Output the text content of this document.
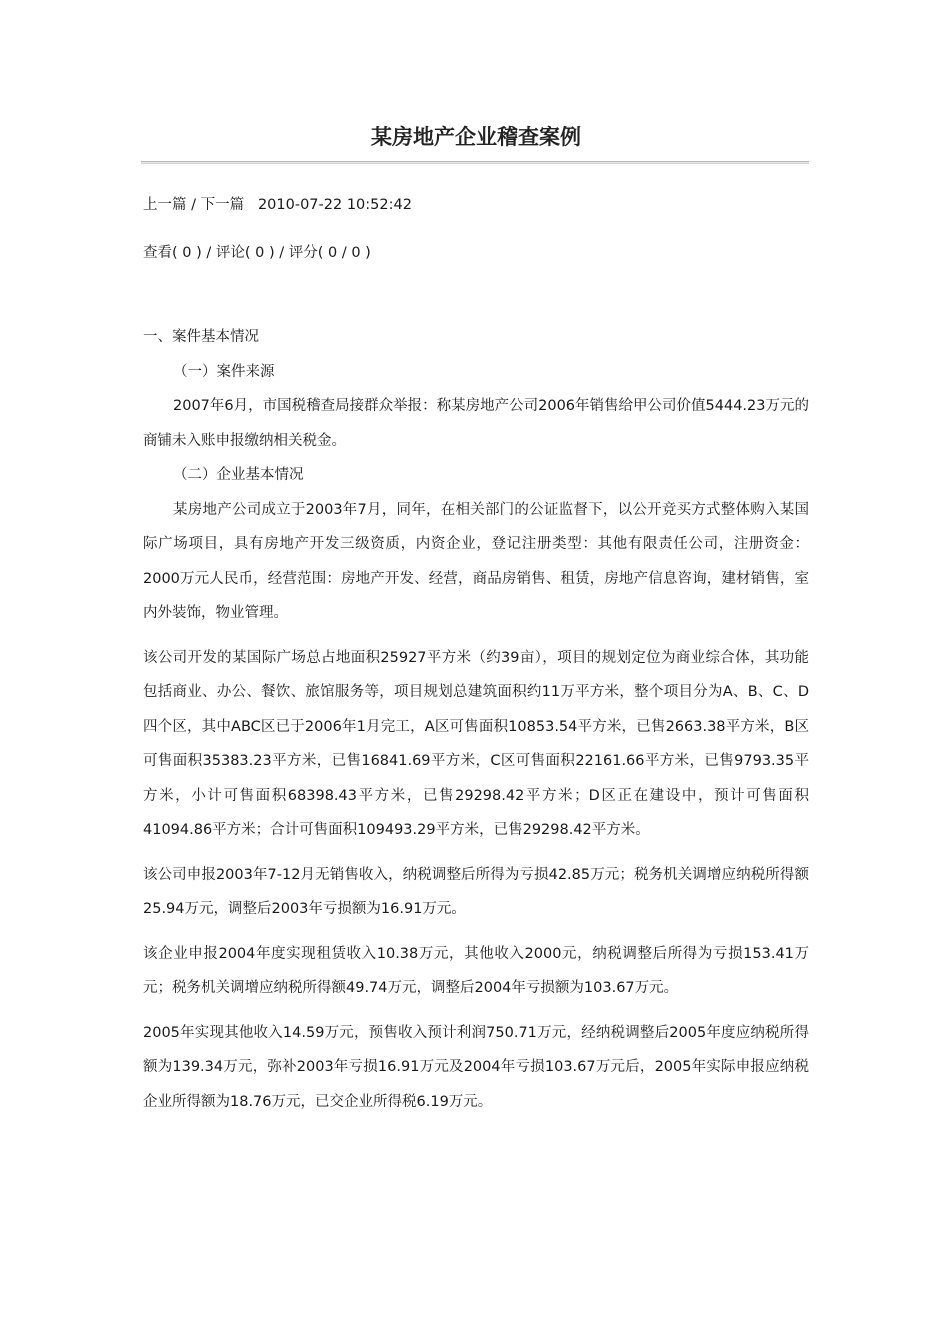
某房地产企业稽查案例
上一篇 / 下一篇 2010-07-22 10:52:42
查看( 0 ) / 评论( 0 ) / 评分( 0 / 0 )

一、案件基本情况

（一）案件来源

2007年6月，市国税稽查局接群众举报：称某房地产公司2006年销售给甲公司价值5444.23万元的商铺未入账申报缴纳相关税金。

（二）企业基本情况

某房地产公司成立于2003年7月，同年，在相关部门的公证监督下，以公开竞买方式整体购入某国际广场项目，具有房地产开发三级资质，内资企业，登记注册类型：其他有限责任公司，注册资金：2000万元人民币，经营范围：房地产开发、经营，商品房销售、租赁，房地产信息咨询，建材销售，室内外装饰，物业管理。

该公司开发的某国际广场总占地面积25927平方米（约39亩），项目的规划定位为商业综合体，其功能包括商业、办公、餐饮、旅馆服务等，项目规划总建筑面积约11万平方米，整个项目分为A、B、C、D四个区，其中ABC区已于2006年1月完工，A区可售面积10853.54平方米，已售2663.38平方米，B区可售面积35383.23平方米，已售16841.69平方米，C区可售面积22161.66平方米，已售9793.35平方米，小计可售面积68398.43平方米，已售29298.42平方米；D区正在建设中，预计可售面积41094.86平方米；合计可售面积109493.29平方米，已售29298.42平方米。

该公司申报2003年7-12月无销售收入，纳税调整后所得为亏损42.85万元；税务机关调增应纳税所得额25.94万元，调整后2003年亏损额为16.91万元。

该企业申报2004年度实现租赁收入10.38万元，其他收入2000元，纳税调整后所得为亏损153.41万元；税务机关调增应纳税所得额49.74万元，调整后2004年亏损额为103.67万元。

2005年实现其他收入14.59万元，预售收入预计利润750.71万元，经纳税调整后2005年度应纳税所得额为139.34万元，弥补2003年亏损16.91万元及2004年亏损103.67万元后，2005年实际申报应纳税企业所得额为18.76万元，已交企业所得税6.19万元。
